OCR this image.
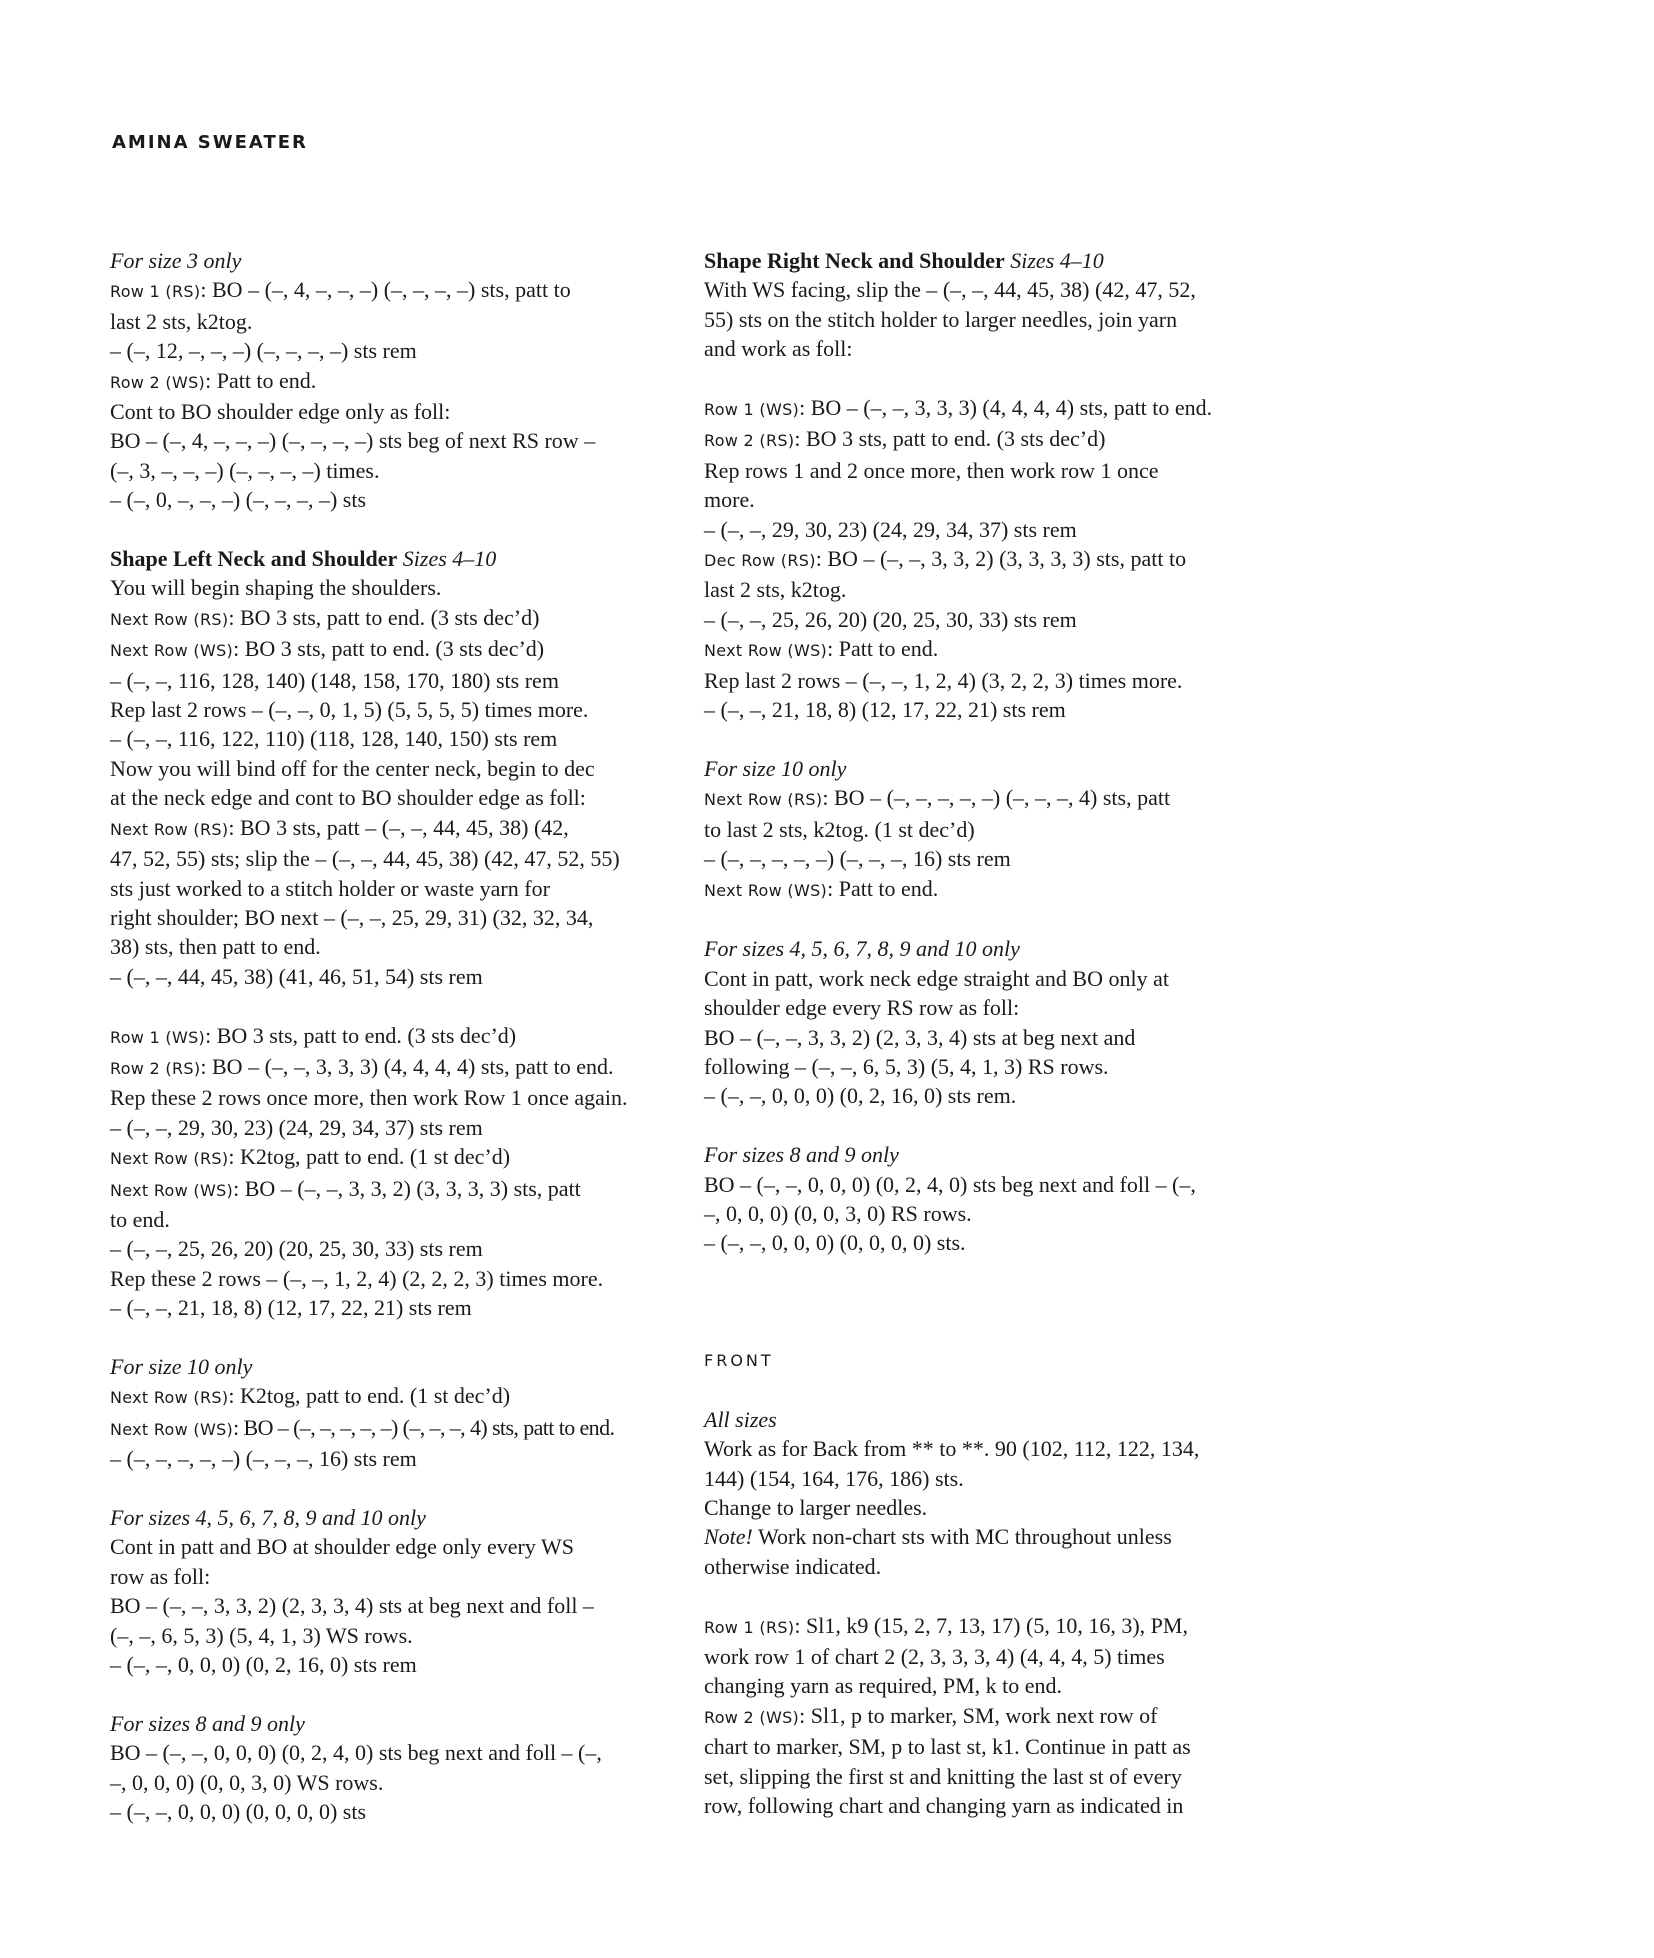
AMINA SWEATER
For size 3 only
Row 1 (RS): BO – (–, 4, –, –, –) (–, –, –, –) sts, patt to
last 2 sts, k2tog.
– (–, 12, –, –, –) (–, –, –, –) sts rem
Row 2 (WS): Patt to end.
Cont to BO shoulder edge only as foll:
BO – (–, 4, –, –, –) (–, –, –, –) sts beg of next RS row –
(–, 3, –, –, –) (–, –, –, –) times.
– (–, 0, –, –, –) (–, –, –, –) sts
Shape Left Neck and Shoulder Sizes 4–10
You will begin shaping the shoulders.
Next Row (RS): BO 3 sts, patt to end. (3 sts dec’d)
Next Row (WS): BO 3 sts, patt to end. (3 sts dec’d)
– (–, –, 116, 128, 140) (148, 158, 170, 180) sts rem
Rep last 2 rows – (–, –, 0, 1, 5) (5, 5, 5, 5) times more.
– (–, –, 116, 122, 110) (118, 128, 140, 150) sts rem
Now you will bind off for the center neck, begin to dec
at the neck edge and cont to BO shoulder edge as foll:
Next Row (RS): BO 3 sts, patt – (–, –, 44, 45, 38) (42,
47, 52, 55) sts; slip the – (–, –, 44, 45, 38) (42, 47, 52, 55)
sts just worked to a stitch holder or waste yarn for
right shoulder; BO next – (–, –, 25, 29, 31) (32, 32, 34,
38) sts, then patt to end.
– (–, –, 44, 45, 38) (41, 46, 51, 54) sts rem
Row 1 (WS): BO 3 sts, patt to end. (3 sts dec’d)
Row 2 (RS): BO – (–, –, 3, 3, 3) (4, 4, 4, 4) sts, patt to end.
Rep these 2 rows once more, then work Row 1 once again.
– (–, –, 29, 30, 23) (24, 29, 34, 37) sts rem
Next Row (RS): K2tog, patt to end. (1 st dec’d)
Next Row (WS): BO – (–, –, 3, 3, 2) (3, 3, 3, 3) sts, patt
to end.
– (–, –, 25, 26, 20) (20, 25, 30, 33) sts rem
Rep these 2 rows – (–, –, 1, 2, 4) (2, 2, 2, 3) times more.
– (–, –, 21, 18, 8) (12, 17, 22, 21) sts rem
For size 10 only
Next Row (RS): K2tog, patt to end. (1 st dec’d)
Next Row (WS): BO – (–, –, –, –, –) (–, –, –, 4) sts, patt to end.
– (–, –, –, –, –) (–, –, –, 16) sts rem
For sizes 4, 5, 6, 7, 8, 9 and 10 only
Cont in patt and BO at shoulder edge only every WS
row as foll:
BO – (–, –, 3, 3, 2) (2, 3, 3, 4) sts at beg next and foll –
(–, –, 6, 5, 3) (5, 4, 1, 3) WS rows.
– (–, –, 0, 0, 0) (0, 2, 16, 0) sts rem
For sizes 8 and 9 only
BO – (–, –, 0, 0, 0) (0, 2, 4, 0) sts beg next and foll – (–,
–, 0, 0, 0) (0, 0, 3, 0) WS rows.
– (–, –, 0, 0, 0) (0, 0, 0, 0) sts
Shape Right Neck and Shoulder Sizes 4–10
With WS facing, slip the – (–, –, 44, 45, 38) (42, 47, 52,
55) sts on the stitch holder to larger needles, join yarn
and work as foll:
Row 1 (WS): BO – (–, –, 3, 3, 3) (4, 4, 4, 4) sts, patt to end.
Row 2 (RS): BO 3 sts, patt to end. (3 sts dec’d)
Rep rows 1 and 2 once more, then work row 1 once
more.
– (–, –, 29, 30, 23) (24, 29, 34, 37) sts rem
Dec Row (RS): BO – (–, –, 3, 3, 2) (3, 3, 3, 3) sts, patt to
last 2 sts, k2tog.
– (–, –, 25, 26, 20) (20, 25, 30, 33) sts rem
Next Row (WS): Patt to end.
Rep last 2 rows – (–, –, 1, 2, 4) (3, 2, 2, 3) times more.
– (–, –, 21, 18, 8) (12, 17, 22, 21) sts rem
For size 10 only
Next Row (RS): BO – (–, –, –, –, –) (–, –, –, 4) sts, patt
to last 2 sts, k2tog. (1 st dec’d)
– (–, –, –, –, –) (–, –, –, 16) sts rem
Next Row (WS): Patt to end.
For sizes 4, 5, 6, 7, 8, 9 and 10 only
Cont in patt, work neck edge straight and BO only at
shoulder edge every RS row as foll:
BO – (–, –, 3, 3, 2) (2, 3, 3, 4) sts at beg next and
following – (–, –, 6, 5, 3) (5, 4, 1, 3) RS rows.
– (–, –, 0, 0, 0) (0, 2, 16, 0) sts rem.
For sizes 8 and 9 only
BO – (–, –, 0, 0, 0) (0, 2, 4, 0) sts beg next and foll – (–,
–, 0, 0, 0) (0, 0, 3, 0) RS rows.
– (–, –, 0, 0, 0) (0, 0, 0, 0) sts.
FRONT
All sizes
Work as for Back from ** to **. 90 (102, 112, 122, 134,
144) (154, 164, 176, 186) sts.
Change to larger needles.
Note! Work non-chart sts with MC throughout unless
otherwise indicated.
Row 1 (RS): Sl1, k9 (15, 2, 7, 13, 17) (5, 10, 16, 3), PM,
work row 1 of chart 2 (2, 3, 3, 3, 4) (4, 4, 4, 5) times
changing yarn as required, PM, k to end.
Row 2 (WS): Sl1, p to marker, SM, work next row of
chart to marker, SM, p to last st, k1. Continue in patt as
set, slipping the first st and knitting the last st of every
row, following chart and changing yarn as indicated in
